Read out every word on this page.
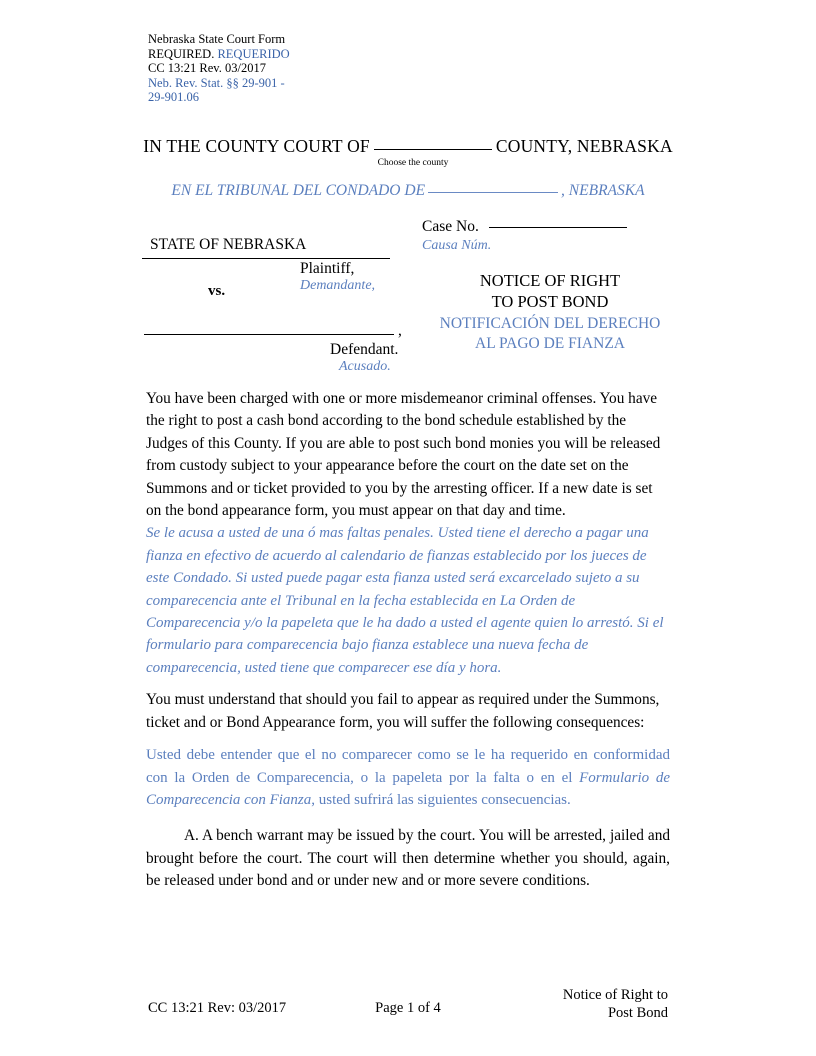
Nebraska State Court Form
REQUIRED. REQUERIDO
CC 13:21 Rev. 03/2017
Neb. Rev. Stat. §§ 29-901 -
29-901.06
IN THE COUNTY COURT OF	COUNTY, NEBRASKA
Choose the county
EN EL TRIBUNAL DEL CONDADO DE	, NEBRASKA
Case No.
Causa Núm.
STATE OF NEBRASKA
Plaintiff,
Demandante,
vs.
,
Defendant.
Acusado.
NOTICE OF RIGHT
TO POST BOND
NOTIFICACIÓN DEL DERECHO
AL PAGO DE FIANZA

You have been charged with one or more misdemeanor criminal offenses. You have the right to post a cash bond according to the bond schedule established by the Judges of this County. If you are able to post such bond monies you will be released from custody subject to your appearance before the court on the date set on the Summons and or ticket provided to you by the arresting officer. If a new date is set on the bond appearance form, you must appear on that day and time.

Se le acusa a usted de una ó mas faltas penales. Usted tiene el derecho a pagar una fianza en efectivo de acuerdo al calendario de fianzas establecido por los jueces de este Condado. Si usted puede pagar esta fianza usted será excarcelado sujeto a su comparecencia ante el Tribunal en la fecha establecida en La Orden de Comparecencia y/o la papeleta que le ha dado a usted el agente quien lo arrestó. Si el formulario para comparecencia bajo fianza establece una nueva fecha de comparecencia, usted tiene que comparecer ese día y hora.

You must understand that should you fail to appear as required under the Summons, ticket and or Bond Appearance form, you will suffer the following consequences:

Usted debe entender que el no comparecer como se le ha requerido en conformidad con la Orden de Comparecencia, o la papeleta por la falta o en el Formulario de Comparecencia con Fianza, usted sufrirá las siguientes consecuencias.

A. A bench warrant may be issued by the court. You will be arrested, jailed and brought before the court. The court will then determine whether you should, again, be released under bond and or under new and or more severe conditions.

CC 13:21 Rev: 03/2017	Page 1 of 4
Notice of Right to
Post Bond
